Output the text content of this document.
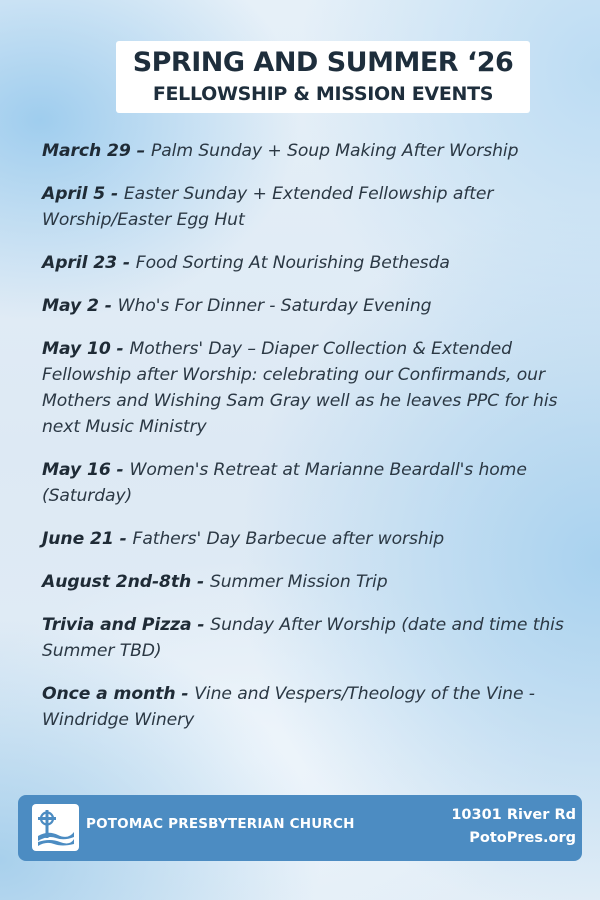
SPRING AND SUMMER ‘26
FELLOWSHIP & MISSION EVENTS
March 29 – Palm Sunday + Soup Making After Worship
April 5 - Easter Sunday + Extended Fellowship after Worship/Easter Egg Hut
April 23 - Food Sorting At Nourishing Bethesda
May 2 - Who's For Dinner - Saturday Evening
May 10 - Mothers' Day – Diaper Collection & Extended Fellowship after Worship: celebrating our Confirmands, our Mothers and Wishing Sam Gray well as he leaves PPC for his next Music Ministry
May 16 - Women's Retreat at Marianne Beardall's home (Saturday)
June 21 - Fathers' Day Barbecue after worship
August 2nd-8th - Summer Mission Trip
Trivia and Pizza - Sunday After Worship (date and time this Summer TBD)
Once a month - Vine and Vespers/Theology of the Vine - Windridge Winery
POTOMAC PRESBYTERIAN CHURCH
10301 River Rd
PotoPres.org
